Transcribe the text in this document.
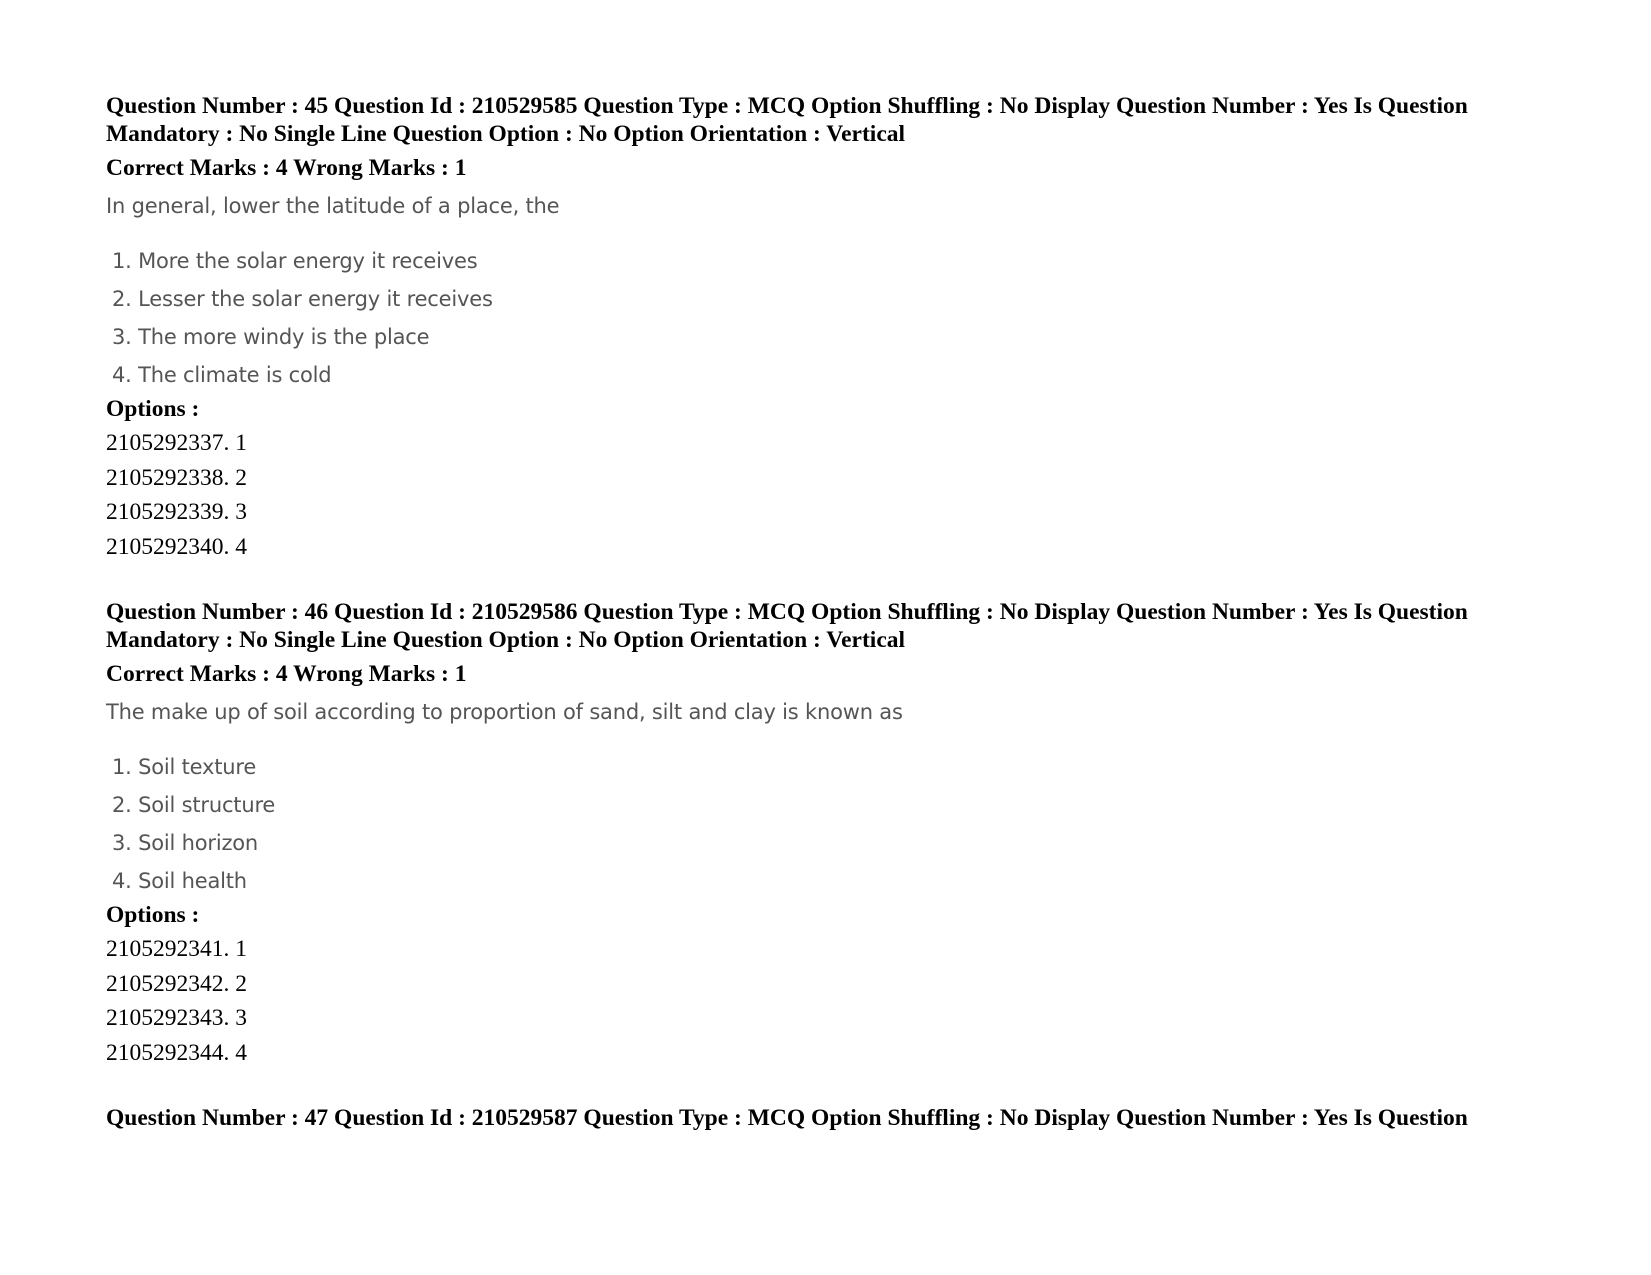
Question Number : 45 Question Id : 210529585 Question Type : MCQ Option Shuffling : No Display Question Number : Yes Is Question Mandatory : No Single Line Question Option : No Option Orientation : Vertical
Correct Marks : 4 Wrong Marks : 1
In general, lower the latitude of a place, the
1. More the solar energy it receives
2. Lesser the solar energy it receives
3. The more windy is the place
4. The climate is cold
Options :
2105292337. 1
2105292338. 2
2105292339. 3
2105292340. 4
Question Number : 46 Question Id : 210529586 Question Type : MCQ Option Shuffling : No Display Question Number : Yes Is Question Mandatory : No Single Line Question Option : No Option Orientation : Vertical
Correct Marks : 4 Wrong Marks : 1
The make up of soil according to proportion of sand, silt and clay is known as
1. Soil texture
2. Soil structure
3. Soil horizon
4. Soil health
Options :
2105292341. 1
2105292342. 2
2105292343. 3
2105292344. 4
Question Number : 47 Question Id : 210529587 Question Type : MCQ Option Shuffling : No Display Question Number : Yes Is Question
